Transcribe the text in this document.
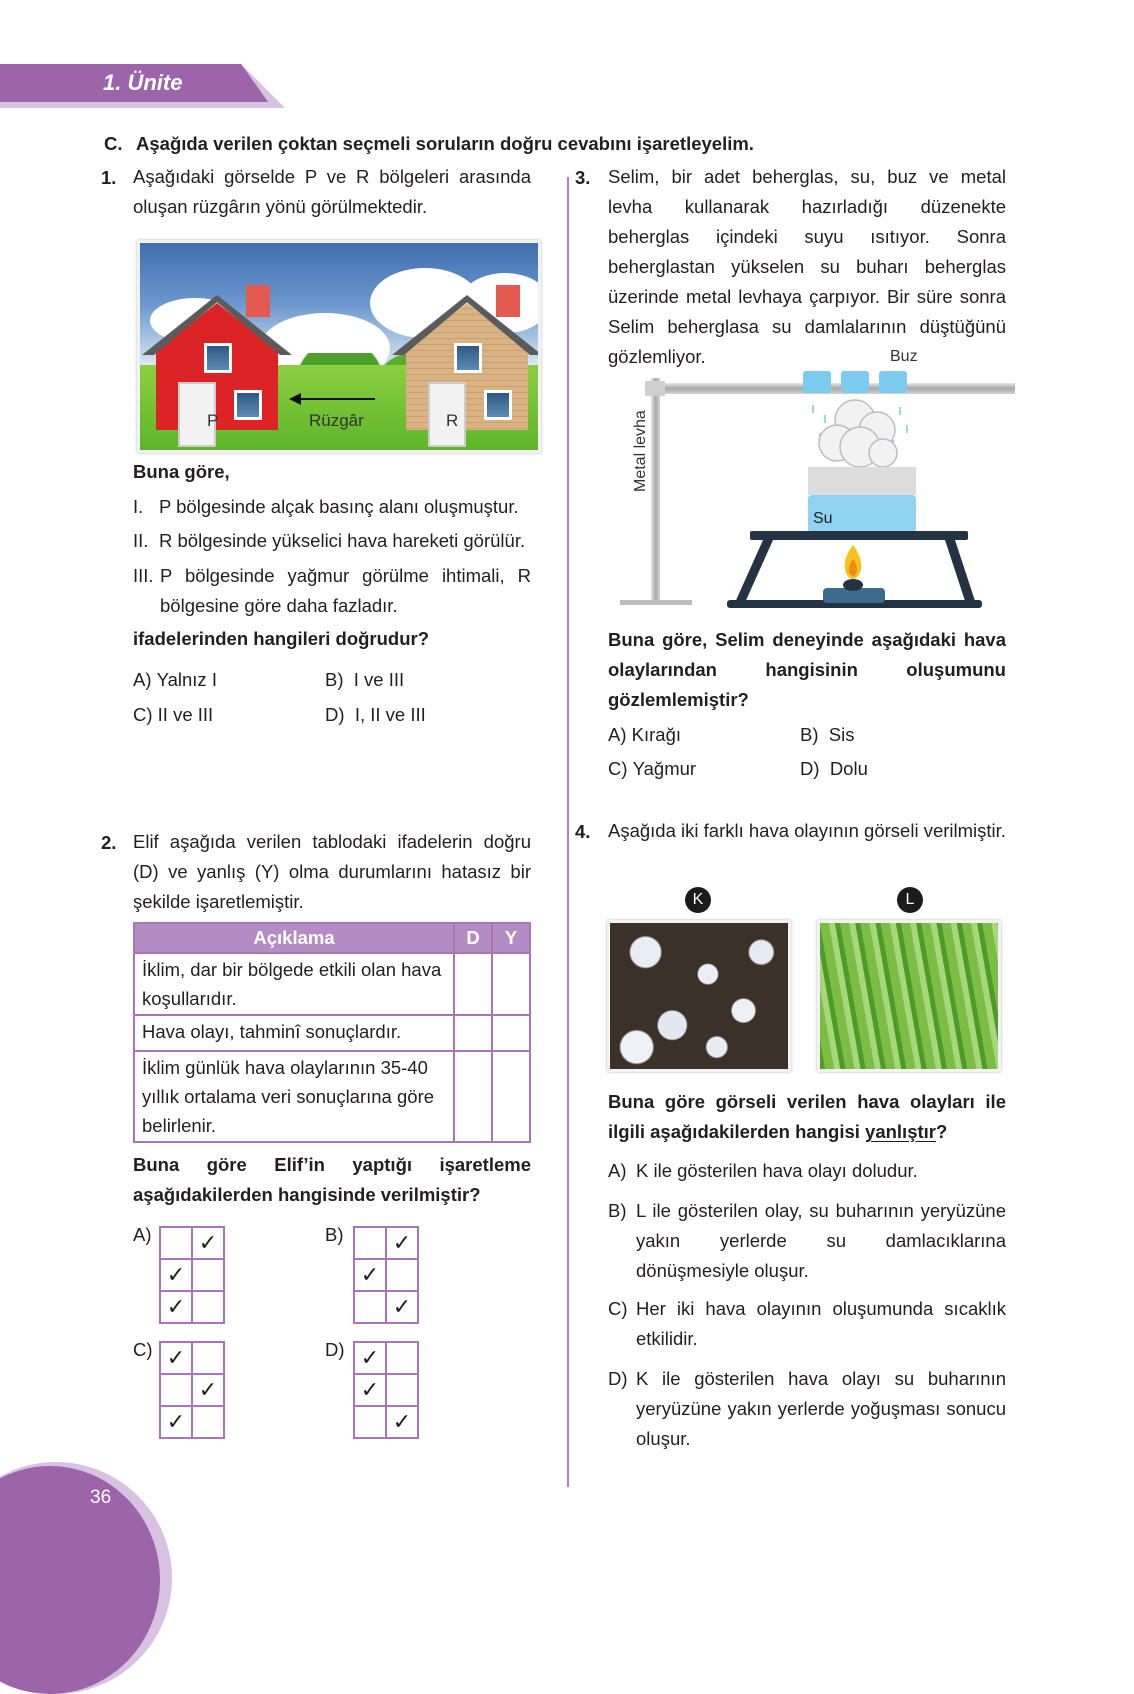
1. Ünite
C. Aşağıda verilen çoktan seçmeli soruların doğru cevabını işaretleyelim.
1. Aşağıdaki görselde P ve R bölgeleri arasında oluşan rüzgârın yönü görülmektedir.
P	Rüzgâr	R
Buna göre,
I. P bölgesinde alçak basınç alanı oluşmuştur.
II. R bölgesinde yükselici hava hareketi görülür.
III. P bölgesinde yağmur görülme ihtimali, R bölgesine göre daha fazladır.
ifadelerinden hangileri doğrudur?
A) Yalnız I	B) I ve III
C) II ve III	D) I, II ve III
2. Elif aşağıda verilen tablodaki ifadelerin doğru (D) ve yanlış (Y) olma durumlarını hatasız bir şekilde işaretlemiştir.
Açıklama	D	Y
İklim, dar bir bölgede etkili olan hava koşullarıdır.		
Hava olayı, tahminî sonuçlardır.		
İklim günlük hava olaylarının 35-40 yıllık ortalama veri sonuçlarına göre belirlenir.		
Buna göre Elif’in yaptığı işaretleme aşağıdakilerden hangisinde verilmiştir?
A)
	✓
✓	
✓	
B)
	✓
✓	
	✓
C) ✓	
	✓
✓	
D) ✓	
✓	
	✓
3. Selim, bir adet beherglas, su, buz ve metal levha kullanarak hazırladığı düzenekte beherglas içindeki suyu ısıtıyor. Sonra beherglastan yükselen su buharı beherglas üzerinde metal levhaya çarpıyor. Bir süre sonra Selim beherglasa su damlalarının düştüğünü gözlemliyor.
Su
Buz
Metal levha
Buna göre, Selim deneyinde aşağıdaki hava olaylarından hangisinin oluşumunu gözlemlemiştir?
A) Kırağı	B) Sis
C) Yağmur	D) Dolu
4. Aşağıda iki farklı hava olayının görseli verilmiştir.
K	L
Buna göre görseli verilen hava olayları ile ilgili aşağıdakilerden hangisi yanlıştır?
A) K ile gösterilen hava olayı doludur.
B) L ile gösterilen olay, su buharının yeryüzüne yakın yerlerde su damlacıklarına dönüşmesiyle oluşur.
C) Her iki hava olayının oluşumunda sıcaklık etkilidir.
D) K ile gösterilen hava olayı su buharının yeryüzüne yakın yerlerde yoğuşması sonucu oluşur.
36
